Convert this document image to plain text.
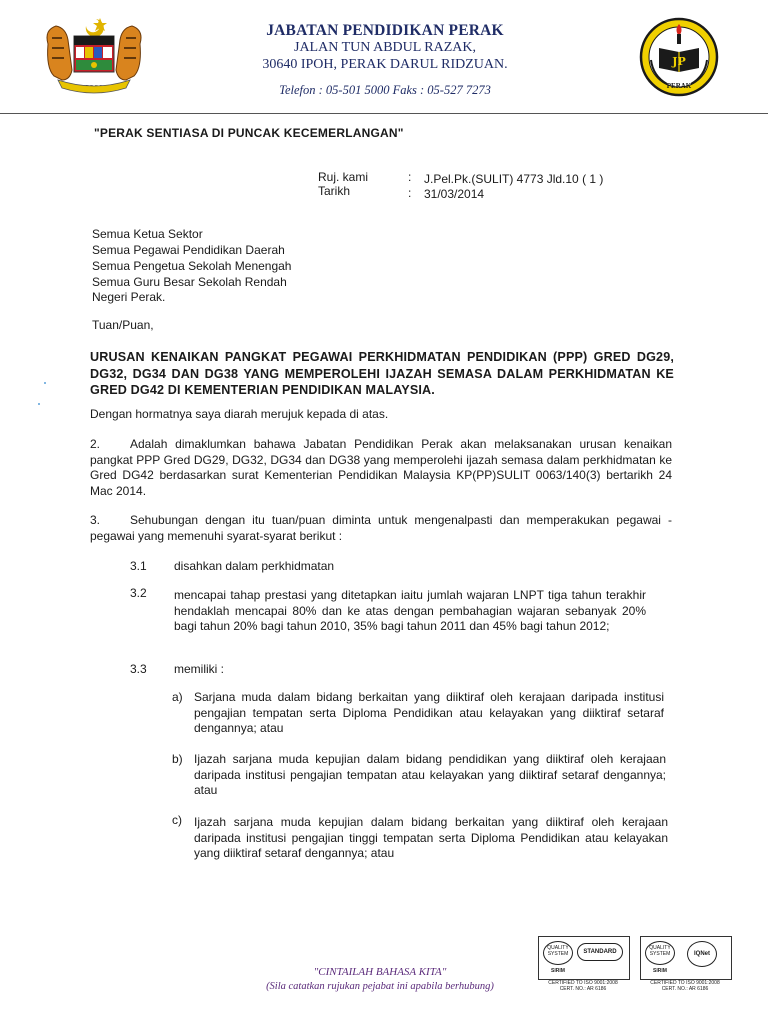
~ ~ ~ ~
JABATAN PENDIDIKAN PERAK
JALAN TUN ABDUL RAZAK,
30640 IPOH, PERAK DARUL RIDZUAN.
Telefon : 05-501 5000 Faks : 05-527 7273
JP
PERAK
"PERAK SENTIASA DI PUNCAK KECEMERLANGAN"
Ruj. kami	: J.Pel.Pk.(SULIT) 4773 Jld.10 ( 1 )
Tarikh	: 31/03/2014
Semua Ketua Sektor
Semua Pegawai Pendidikan Daerah
Semua Pengetua Sekolah Menengah
Semua Guru Besar Sekolah Rendah
Negeri Perak.
Tuan/Puan,
URUSAN KENAIKAN PANGKAT PEGAWAI PERKHIDMATAN PENDIDIKAN (PPP) GRED DG29, DG32, DG34 DAN DG38 YANG MEMPEROLEHI IJAZAH SEMASA DALAM PERKHIDMATAN KE GRED DG42 DI KEMENTERIAN PENDIDIKAN MALAYSIA.
Dengan hormatnya saya diarah merujuk kepada di atas.
2.	Adalah dimaklumkan bahawa Jabatan Pendidikan Perak akan melaksanakan urusan kenaikan pangkat PPP Gred DG29, DG32, DG34 dan DG38 yang memperolehi ijazah semasa dalam perkhidmatan ke Gred DG42 berdasarkan surat Kementerian Pendidikan Malaysia KP(PP)SULIT 0063/140(3) bertarikh 24 Mac 2014.
3.	Sehubungan dengan itu tuan/puan diminta untuk mengenalpasti dan memperakukan pegawai - pegawai yang memenuhi syarat-syarat berikut :
3.1 disahkan dalam perkhidmatan
3.2 mencapai tahap prestasi yang ditetapkan iaitu jumlah wajaran LNPT tiga tahun terakhir hendaklah mencapai 80% dan ke atas dengan pembahagian wajaran sebanyak 20% bagi tahun 20% bagi tahun 2010, 35% bagi tahun 2011 dan 45% bagi tahun 2012;
3.3 memiliki :
a) Sarjana muda dalam bidang berkaitan yang diiktiraf oleh kerajaan daripada institusi pengajian tempatan serta Diploma Pendidikan atau kelayakan yang diiktiraf setaraf dengannya; atau
b) Ijazah sarjana muda kepujian dalam bidang pendidikan yang diiktiraf oleh kerajaan daripada institusi pengajian tempatan atau kelayakan yang diiktiraf setaraf dengannya; atau
c) Ijazah sarjana muda kepujian dalam bidang berkaitan yang diiktiraf oleh kerajaan daripada institusi pengajian tinggi tempatan serta Diploma Pendidikan atau kelayakan yang diiktiraf setaraf dengannya; atau
"CINTAILAH BAHASA KITA"
(Sila catatkan rujukan pejabat ini apabila berhubung)
QUALITY SYSTEM	STANDARD
SIRIM
CERTIFIED TO ISO 9001:2008
CERT. NO.: AR 6186
QUALITY SYSTEM	IQNet
SIRIM
CERTIFIED TO ISO 9001:2008
CERT. NO.: AR 6186
